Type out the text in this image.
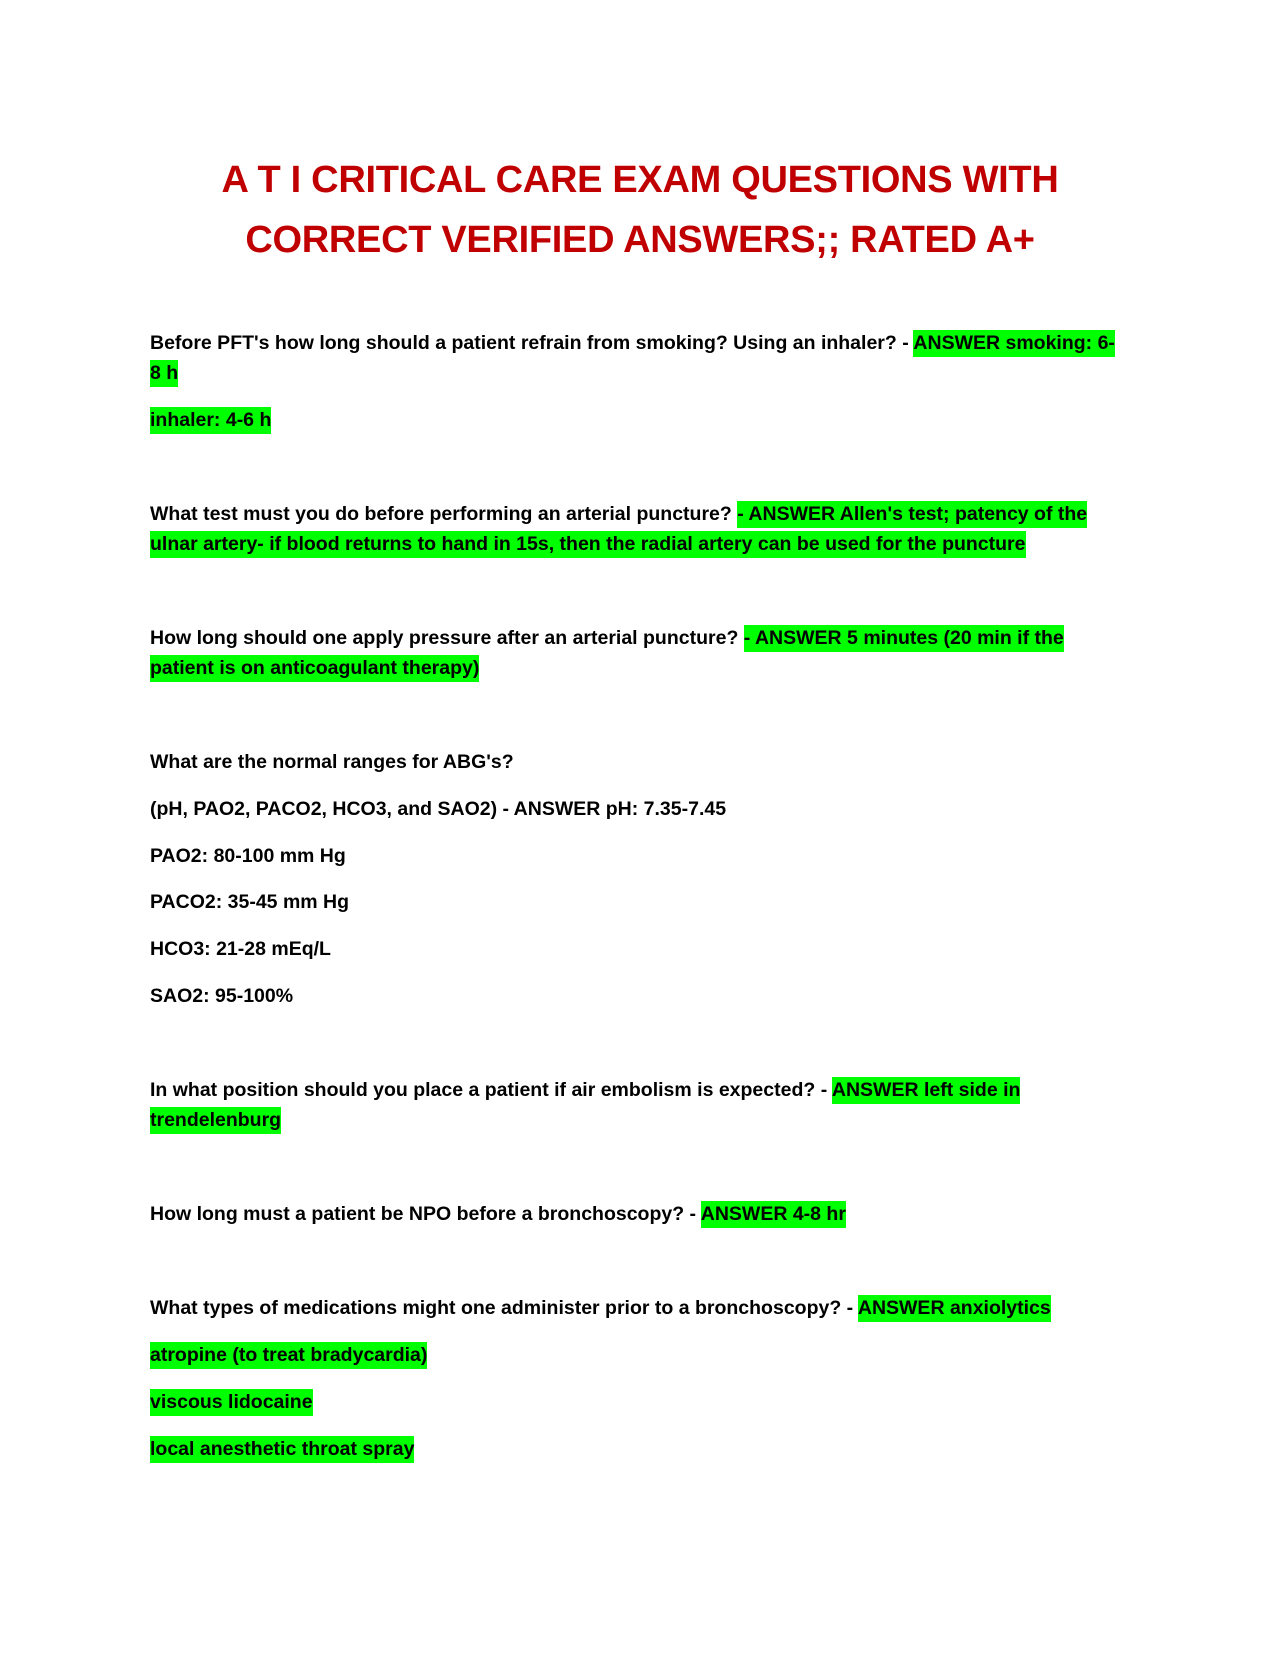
A T I CRITICAL CARE EXAM QUESTIONS WITH
CORRECT VERIFIED ANSWERS;; RATED A+
Before PFT's how long should a patient refrain from smoking? Using an inhaler? - ANSWER smoking: 6-
8 h
inhaler: 4-6 h
What test must you do before performing an arterial puncture? - ANSWER Allen's test; patency of the
ulnar artery- if blood returns to hand in 15s, then the radial artery can be used for the puncture
How long should one apply pressure after an arterial puncture? - ANSWER 5 minutes (20 min if the
patient is on anticoagulant therapy)
What are the normal ranges for ABG's?
(pH, PAO2, PACO2, HCO3, and SAO2) - ANSWER pH: 7.35-7.45
PAO2: 80-100 mm Hg
PACO2: 35-45 mm Hg
HCO3: 21-28 mEq/L
SAO2: 95-100%
In what position should you place a patient if air embolism is expected? - ANSWER left side in
trendelenburg
How long must a patient be NPO before a bronchoscopy? - ANSWER 4-8 hr
What types of medications might one administer prior to a bronchoscopy? - ANSWER anxiolytics
atropine (to treat bradycardia)
viscous lidocaine
local anesthetic throat spray
